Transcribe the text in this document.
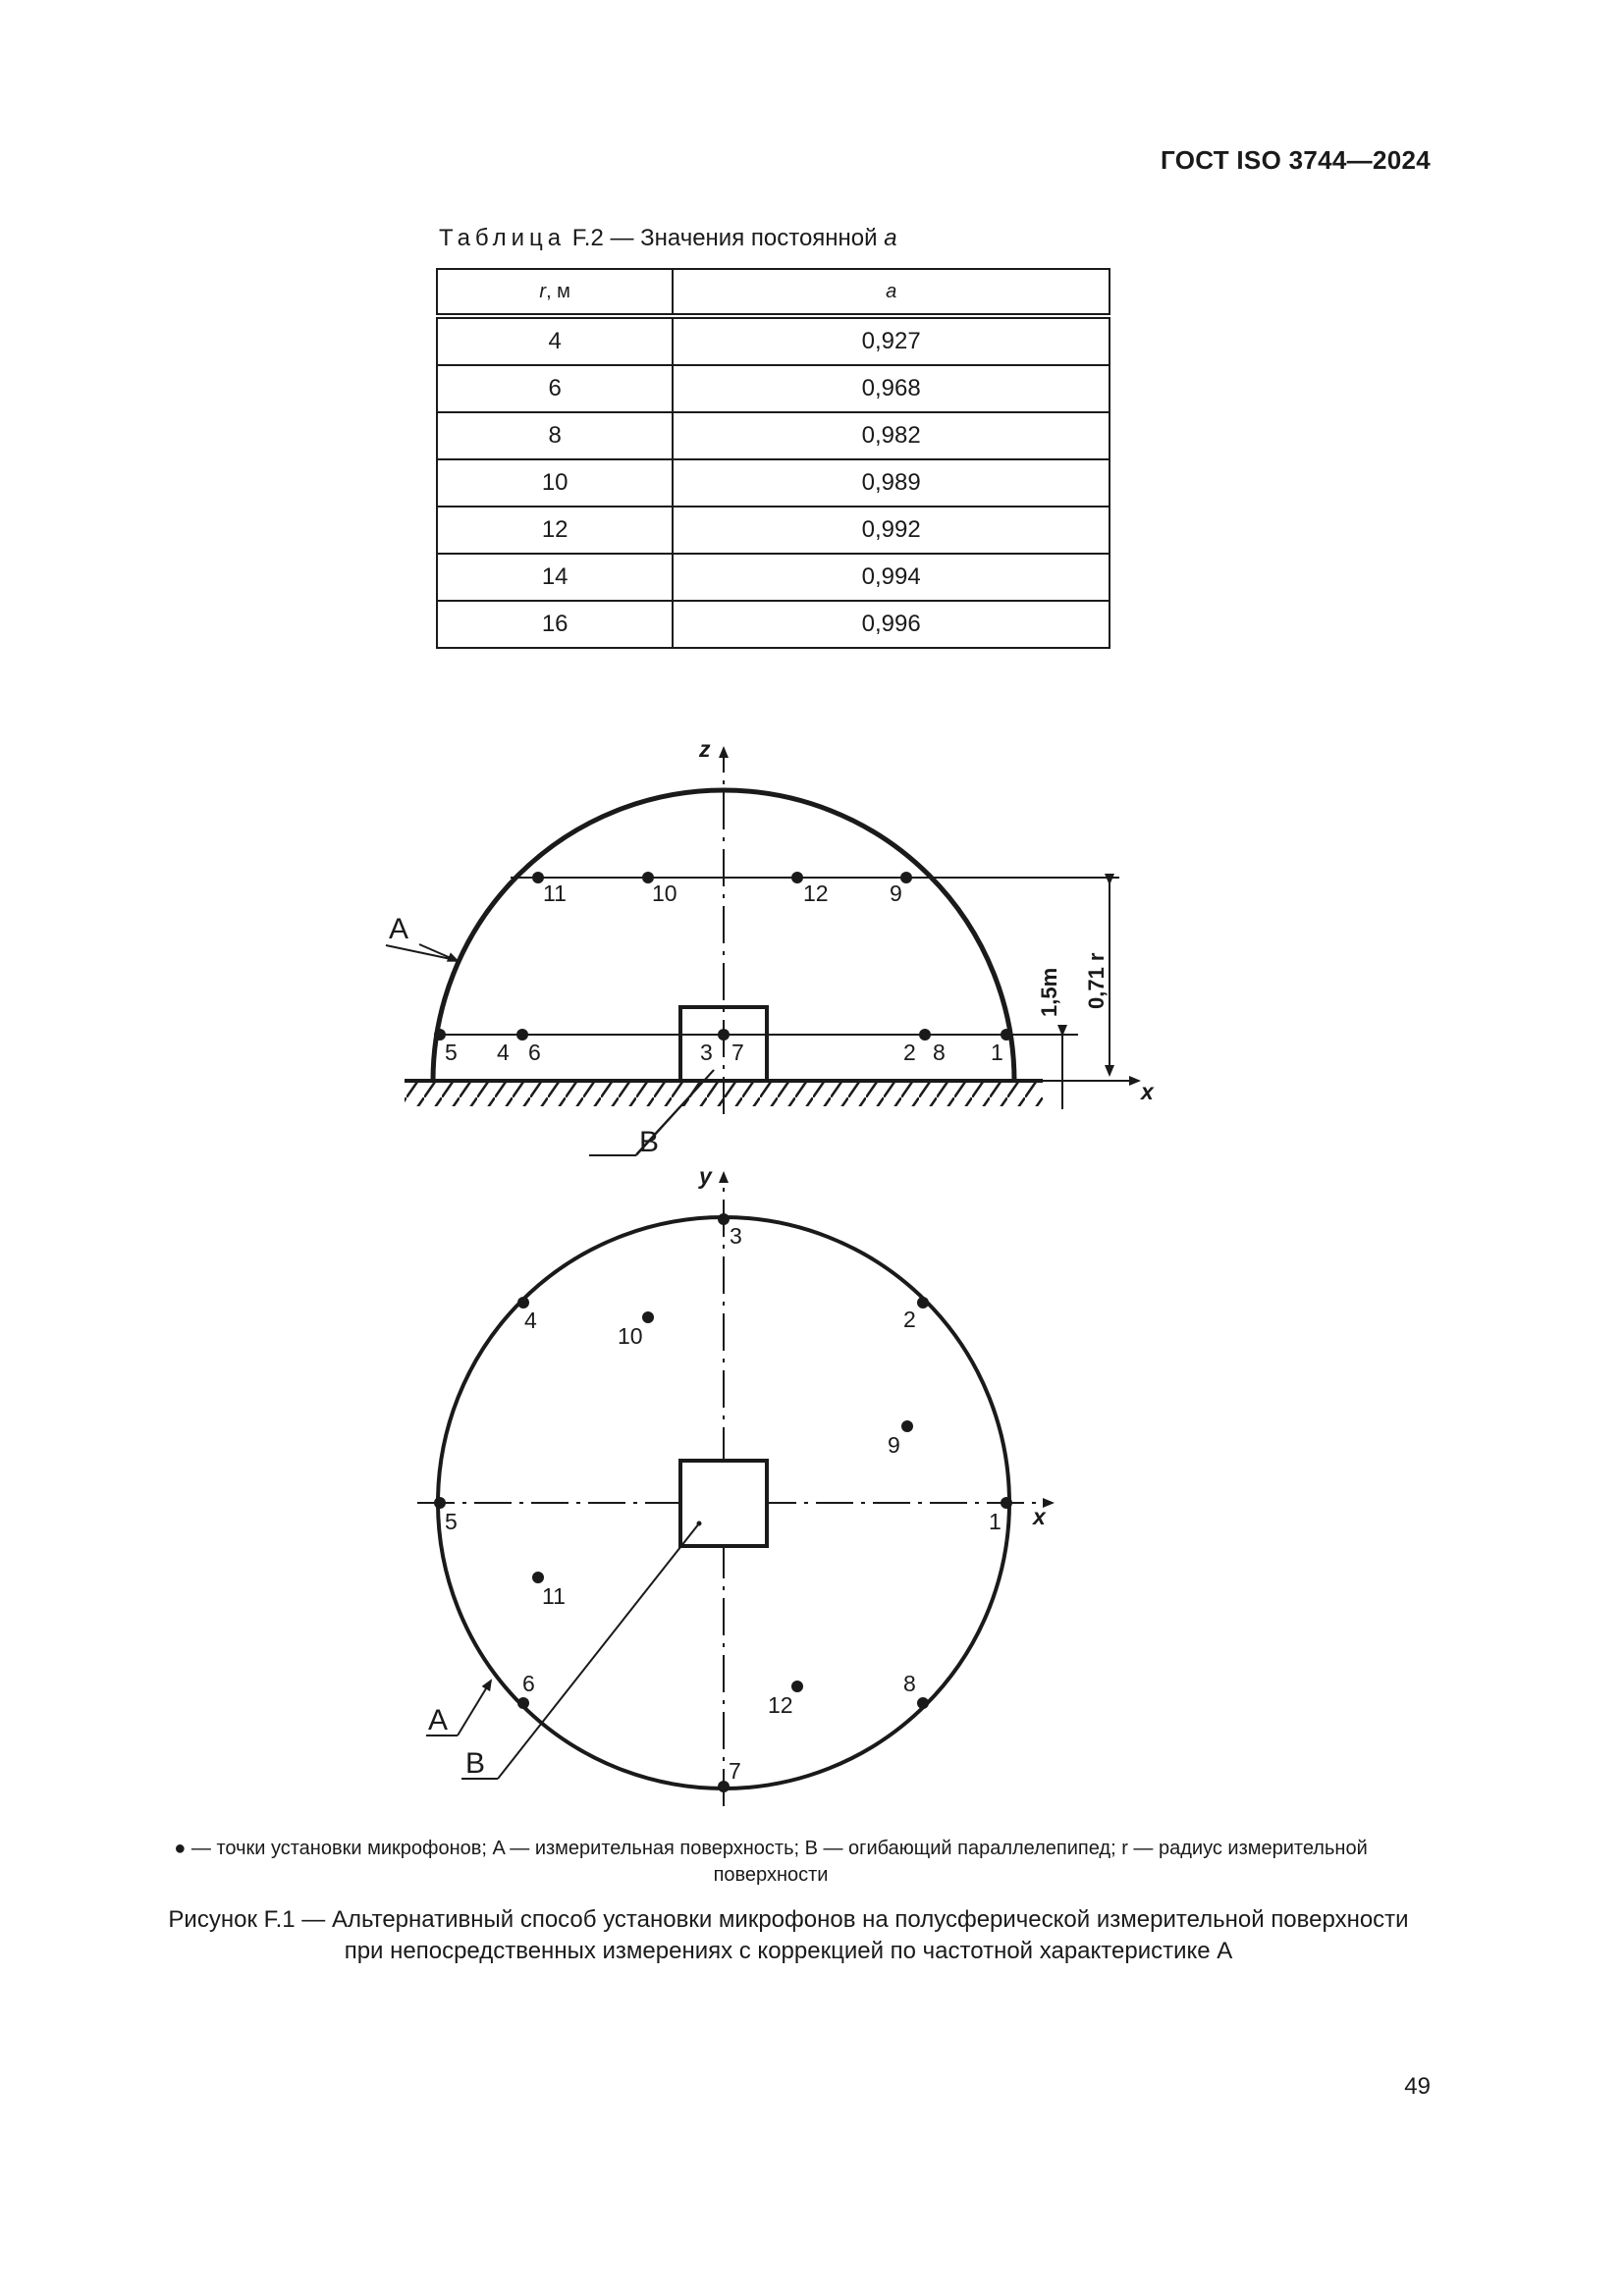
ГОСТ ISO 3744—2024
Таблица F.2 — Значения постоянной a
r, м	a
4	0,927
6	0,968
8	0,982
10	0,989
12	0,992
14	0,994
16	0,996
z
x
A
B
11	10	12	9
5 4 6	3 7	2 8 1
1,5m 0,71 r
y
x
A
B
1
2
3
4
5
6
7
8
9
10
11
12
● — точки установки микрофонов; A — измерительная поверхность; B — огибающий параллелепипед; r — радиус измерительной
поверхности
Рисунок F.1 — Альтернативный способ установки микрофонов на полусферической измерительной поверхности
при непосредственных измерениях с коррекцией по частотной характеристике А
49
